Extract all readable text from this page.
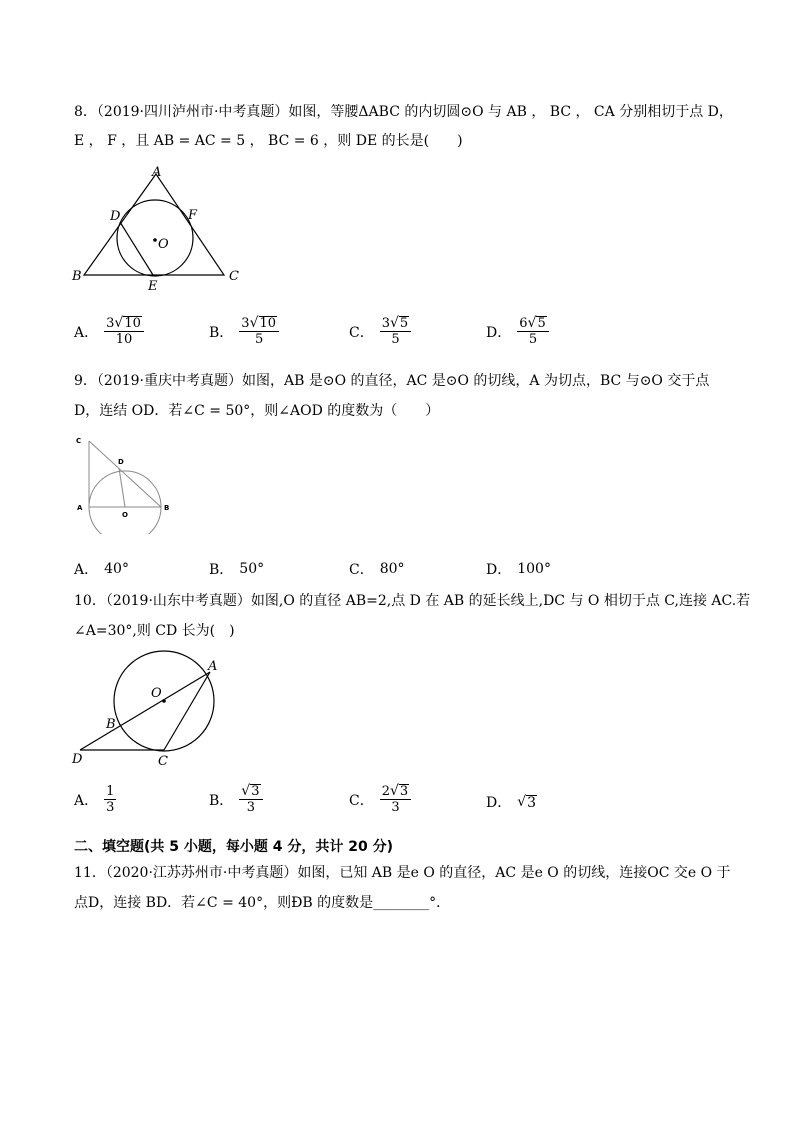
8．（2019·四川泸州市·中考真题）如图，等腰ΔABC 的内切圆⊙O 与 AB ， BC ， CA 分别相切于点 D，
E ， F ，且 AB = AC = 5 ， BC = 6 ，则 DE 的长是(　　)
A
B	C
D
E
F
O
A． $\frac{3 √ 10}{10}$	B． $\frac{3 √ 10}{5}$	C． $\frac{3 √ 5}{5}$	D． $\frac{6 √ 5}{5}$
9．（2019·重庆中考真题）如图，AB 是⊙O 的直径，AC 是⊙O 的切线，A 为切点，BC 与⊙O 交于点
D，连结 OD．若∠C = 50°，则∠AOD 的度数为（　　）
C
D
A
O
B
A． 40°	B． 50°	C． 80°	D． 100°
10．（2019·山东中考真题）如图,O 的直径 AB=2,点 D 在 AB 的延长线上,DC 与 O 相切于点 C,连接 AC.若
∠A=30°,则 CD 长为(　)
A
O
B
D	C
A． $\frac{1}{3}$	B． $\frac{√ 3}{3}$	C． $\frac{2 √ 3}{3}$	D． √ 3
二、填空题(共 5 小题，每小题 4 分，共计 20 分)
11．（2020·江苏苏州市·中考真题）如图，已知 AB 是e O 的直径，AC 是e O 的切线，连接OC 交e O 于
点D，连接 BD．若∠C = 40°，则ÐB 的度数是________°．
